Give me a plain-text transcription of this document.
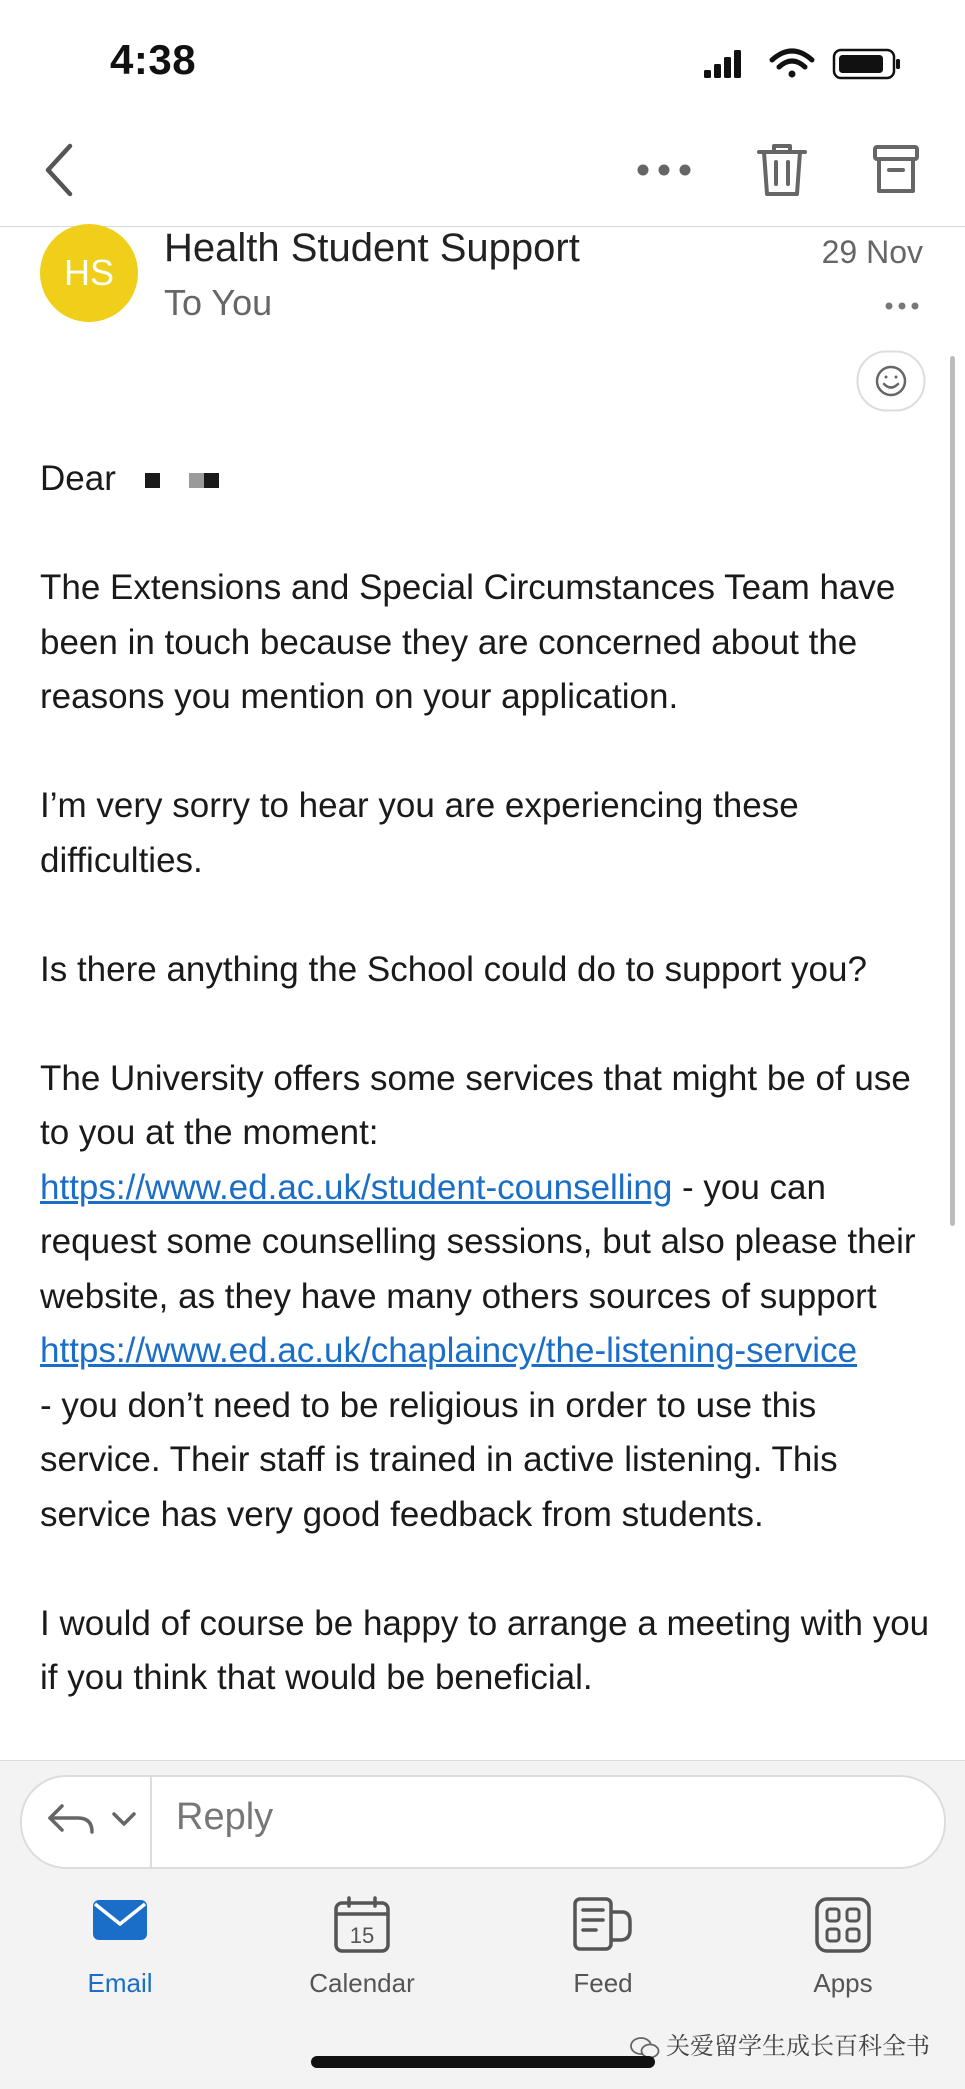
4:38
HS
Health Student Support
To You
29 Nov

Dear

The Extensions and Special Circumstances Team have been in touch because they are concerned about the reasons you mention on your application.

I’m very sorry to hear you are experiencing these difficulties.

Is there anything the School could do to support you?

The University offers some services that might be of use to you at the moment:
https://www.ed.ac.uk/student-counselling - you can request some counselling sessions, but also please their website, as they have many others sources of support
https://www.ed.ac.uk/chaplaincy/the-listening-service
- you don’t need to be religious in order to use this service. Their staff is trained in active listening. This service has very good feedback from students.

I would of course be happy to arrange a meeting with you if you think that would be beneficial.

Reply
Email
15
Calendar	Feed	Apps
关爱留学生成长百科全书
